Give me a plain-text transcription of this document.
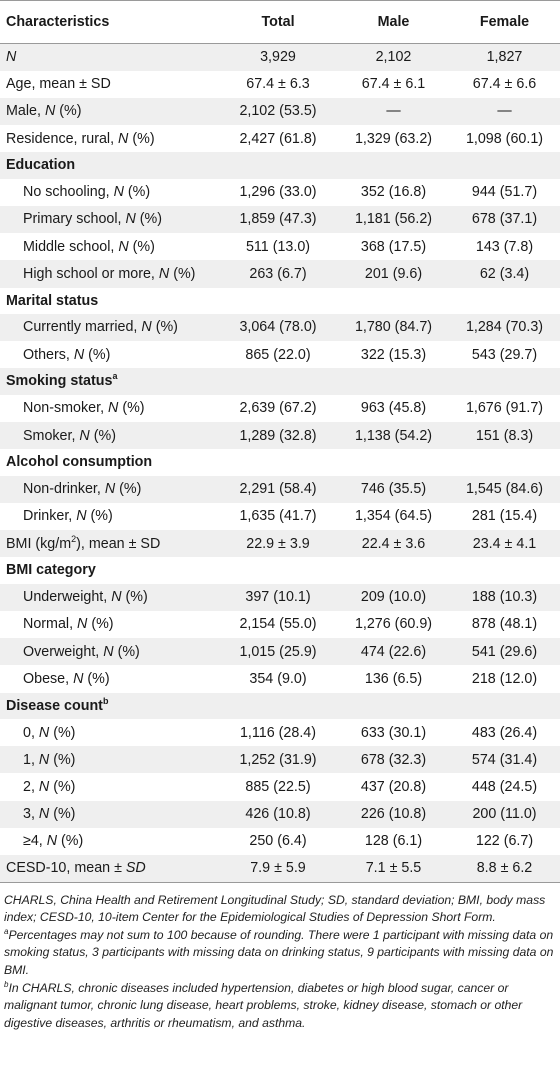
Characteristics	Total	Male	Female
N	3,929	2,102	1,827
Age, mean ± SD	67.4 ± 6.3	67.4 ± 6.1	67.4 ± 6.6
Male, N (%)	2,102 (53.5)	—	—
Residence, rural, N (%)	2,427 (61.8)	1,329 (63.2)	1,098 (60.1)
Education			
No schooling, N (%)	1,296 (33.0)	352 (16.8)	944 (51.7)
Primary school, N (%)	1,859 (47.3)	1,181 (56.2)	678 (37.1)
Middle school, N (%)	511 (13.0)	368 (17.5)	143 (7.8)
High school or more, N (%)	263 (6.7)	201 (9.6)	62 (3.4)
Marital status			
Currently married, N (%)	3,064 (78.0)	1,780 (84.7)	1,284 (70.3)
Others, N (%)	865 (22.0)	322 (15.3)	543 (29.7)
Smoking status$^a$
Non-smoker, N (%)	2,639 (67.2)	963 (45.8)	1,676 (91.7)
Smoker, N (%)	1,289 (32.8)	1,138 (54.2)	151 (8.3)
Alcohol consumption			
Non-drinker, N (%)	2,291 (58.4)	746 (35.5)	1,545 (84.6)
Drinker, N (%)	1,635 (41.7)	1,354 (64.5)	281 (15.4)
BMI $(kg/m^2)$, mean ± SD	22.9 ± 3.9	22.4 ± 3.6	23.4 ± 4.1
BMI category			
Underweight, N (%)	397 (10.1)	209 (10.0)	188 (10.3)
Normal, N (%)	2,154 (55.0)	1,276 (60.9)	878 (48.1)
Overweight, N (%)	1,015 (25.9)	474 (22.6)	541 (29.6)
Obese, N (%)	354 (9.0)	136 (6.5)	218 (12.0)
Disease count$^b$
0, N (%)	1,116 (28.4)	633 (30.1)	483 (26.4)
1, N (%)	1,252 (31.9)	678 (32.3)	574 (31.4)
2, N (%)	885 (22.5)	437 (20.8)	448 (24.5)
3, N (%)	426 (10.8)	226 (10.8)	200 (11.0)
≥4, N (%)	250 (6.4)	128 (6.1)	122 (6.7)
CESD-10, mean ± SD	7.9 ± 5.9	7.1 ± 5.5	8.8 ± 6.2

CHARLS, China Health and Retirement Longitudinal Study; SD, standard deviation; BMI, body mass index; CESD-10, 10-item Center for the Epidemiological Studies of Depression Short Form.

$^a$Percentages may not sum to 100 because of rounding. There were 1 participant with missing data on smoking status, 3 participants with missing data on drinking status, 9 participants with missing data on BMI.

$^b$In CHARLS, chronic diseases included hypertension, diabetes or high blood sugar, cancer or malignant tumor, chronic lung disease, heart problems, stroke, kidney disease, stomach or other digestive diseases, arthritis or rheumatism, and asthma.
